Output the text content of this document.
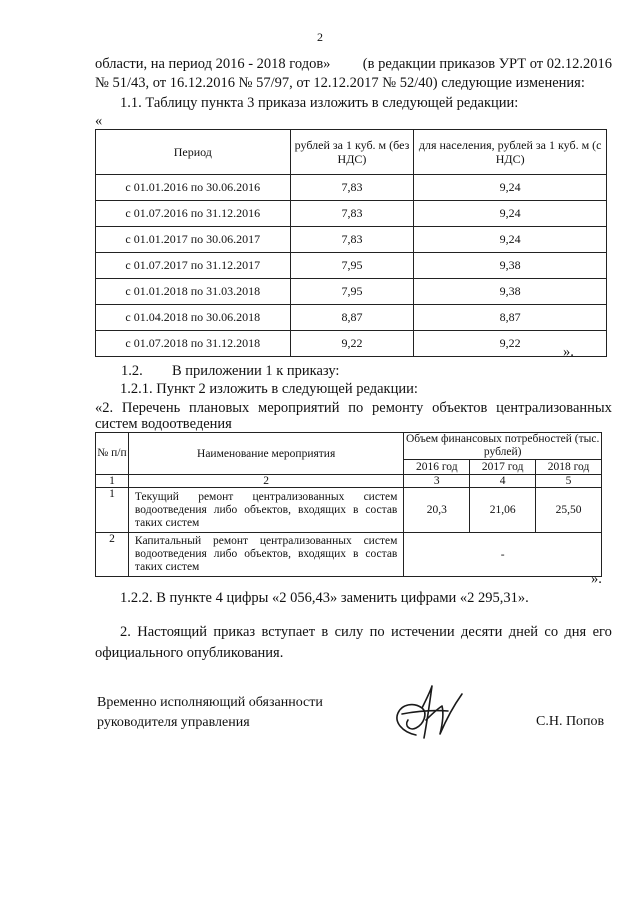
2
области, на период 2016 - 2018 годов» (в редакции приказов УРТ от 02.12.2016
№ 51/43, от 16.12.2016 № 57/97, от 12.12.2017 № 52/40) следующие изменения:
1.1. Таблицу пункта 3 приказа изложить в следующей редакции:
«
Период	рублей за 1 куб. м (без НДС)	для населения, рублей за 1 куб. м (с НДС)
с 01.01.2016 по 30.06.2016	7,83	9,24
с 01.07.2016 по 31.12.2016	7,83	9,24
с 01.01.2017 по 30.06.2017	7,83	9,24
с 01.07.2017 по 31.12.2017	7,95	9,38
с 01.01.2018 по 31.03.2018	7,95	9,38
с 01.04.2018 по 30.06.2018	8,87	8,87
с 01.07.2018 по 31.12.2018	9,22	9,22
».
1.2. В приложении 1 к приказу:
1.2.1. Пункт 2 изложить в следующей редакции:
«2. Перечень плановых мероприятий по ремонту объектов централизованных
систем водоотведения
№ п/п	Наименование мероприятия	Объем финансовых потребностей (тыс. рублей)		
		2016 год	2017 год	2018 год
1	2	3	4	5
1	Текущий ремонт централизованных систем водоотведения либо объектов, входящих в состав таких систем	20,3	21,06	25,50
2	Капитальный ремонт централизованных систем водоотведения либо объектов, входящих в состав таких систем	-		
».
1.2.2. В пункте 4 цифры «2 056,43» заменить цифрами «2 295,31».
2. Настоящий приказ вступает в силу по истечении десяти дней со дня его
официального опубликования.
Временно исполняющий обязанности
руководителя управления	С.Н. Попов
